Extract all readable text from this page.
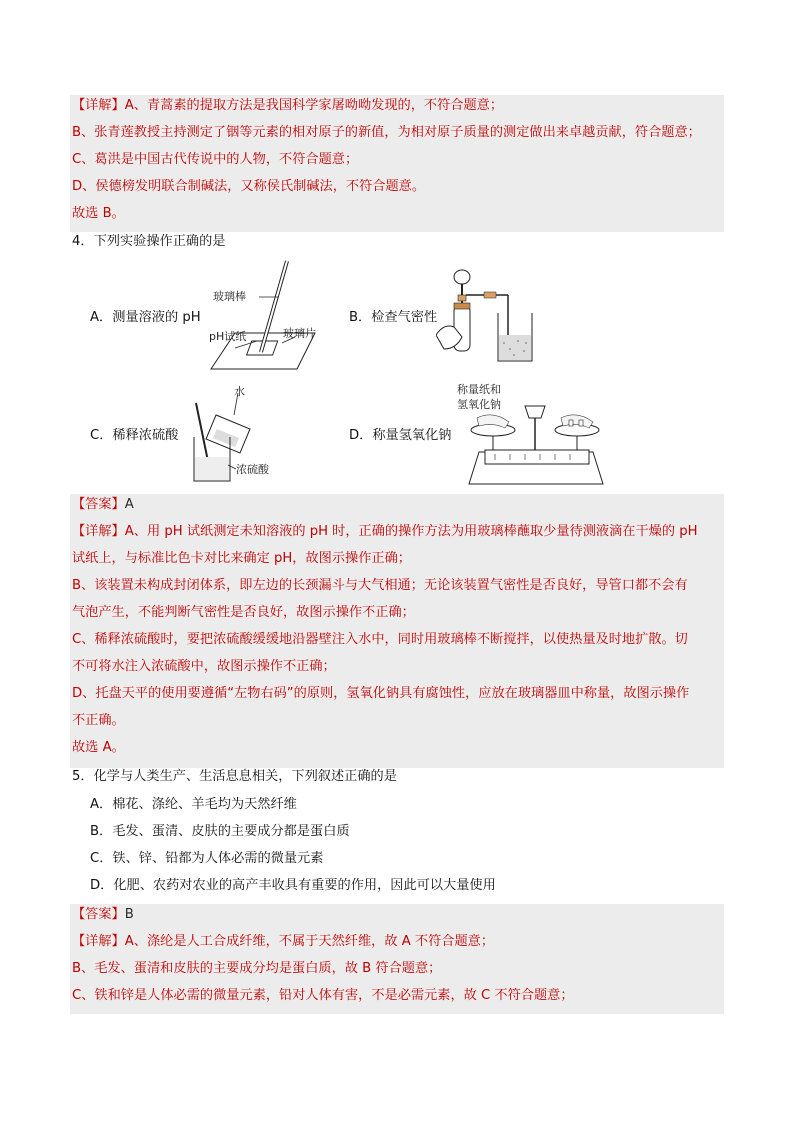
【详解】A、青蒿素的提取方法是我国科学家屠呦呦发现的，不符合题意；
B、张青莲教授主持测定了铟等元素的相对原子的新值，为相对原子质量的测定做出来卓越贡献，符合题意；
C、葛洪是中国古代传说中的人物，不符合题意；
D、侯德榜发明联合制碱法，又称侯氏制碱法，不符合题意。
故选 B。
4．下列实验操作正确的是
A．测量溶液的 pH	B．检查气密性
C．稀释浓硫酸	D．称量氢氧化钠
玻璃棒
pH试纸	玻璃片
水
浓硫酸
称量纸和
氢氧化钠
【答案】A
【详解】A、用 pH 试纸测定未知溶液的 pH 时，正确的操作方法为用玻璃棒蘸取少量待测液滴在干燥的 pH
试纸上，与标准比色卡对比来确定 pH，故图示操作正确；
B、该装置未构成封闭体系，即左边的长颈漏斗与大气相通；无论该装置气密性是否良好，导管口都不会有
气泡产生，不能判断气密性是否良好，故图示操作不正确；
C、稀释浓硫酸时，要把浓硫酸缓缓地沿器壁注入水中，同时用玻璃棒不断搅拌，以使热量及时地扩散。切
不可将水注入浓硫酸中，故图示操作不正确；
D、托盘天平的使用要遵循“左物右码”的原则，氢氧化钠具有腐蚀性，应放在玻璃器皿中称量，故图示操作
不正确。
故选 A。
5．化学与人类生产、生活息息相关，下列叙述正确的是
A．棉花、涤纶、羊毛均为天然纤维
B．毛发、蛋清、皮肤的主要成分都是蛋白质
C．铁、锌、铅都为人体必需的微量元素
D．化肥、农药对农业的高产丰收具有重要的作用，因此可以大量使用
【答案】B
【详解】A、涤纶是人工合成纤维，不属于天然纤维，故 A 不符合题意；
B、毛发、蛋清和皮肤的主要成分均是蛋白质，故 B 符合题意；
C、铁和锌是人体必需的微量元素，铅对人体有害，不是必需元素，故 C 不符合题意；
